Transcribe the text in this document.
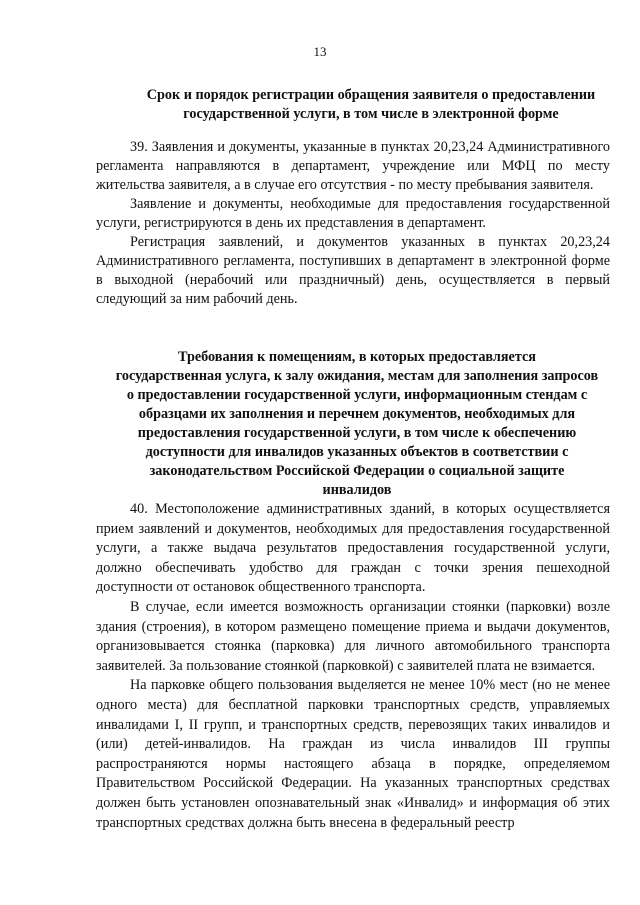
13

Срок и порядок регистрации обращения заявителя о предоставлении

государственной услуги, в том числе в электронной форме

39. Заявления и документы, указанные в пунктах 20,23,24 Административного регламента направляются в департамент, учреждение или МФЦ по месту жительства заявителя, а в случае его отсутствия - по месту пребывания заявителя.

Заявление и документы, необходимые для предоставления государственной услуги, регистрируются в день их представления в департамент.

Регистрация заявлений, и документов указанных в пунктах 20,23,24 Административного регламента, поступивших в департамент в электронной форме в выходной (нерабочий или праздничный) день, осуществляется в первый следующий за ним рабочий день.

Требования к помещениям, в которых предоставляется

государственная услуга, к залу ожидания, местам для заполнения запросов

о предоставлении государственной услуги, информационным стендам с

образцами их заполнения и перечнем документов, необходимых для

предоставления государственной услуги, в том числе к обеспечению

доступности для инвалидов указанных объектов в соответствии с

законодательством Российской Федерации о социальной защите

инвалидов

40. Местоположение административных зданий, в которых осуществляется прием заявлений и документов, необходимых для предоставления государственной услуги, а также выдача результатов предоставления государственной услуги, должно обеспечивать удобство для граждан с точки зрения пешеходной доступности от остановок общественного транспорта.

В случае, если имеется возможность организации стоянки (парковки) возле здания (строения), в котором размещено помещение приема и выдачи документов, организовывается стоянка (парковка) для личного автомобильного транспорта заявителей. За пользование стоянкой (парковкой) с заявителей плата не взимается.

На парковке общего пользования выделяется не менее 10% мест (но не менее одного места) для бесплатной парковки транспортных средств, управляемых инвалидами I, II групп, и транспортных средств, перевозящих таких инвалидов и (или) детей-инвалидов. На граждан из числа инвалидов III группы распространяются нормы настоящего абзаца в порядке, определяемом Правительством Российской Федерации. На указанных транспортных средствах должен быть установлен опознавательный знак «Инвалид» и информация об этих транспортных средствах должна быть внесена в федеральный реестр
